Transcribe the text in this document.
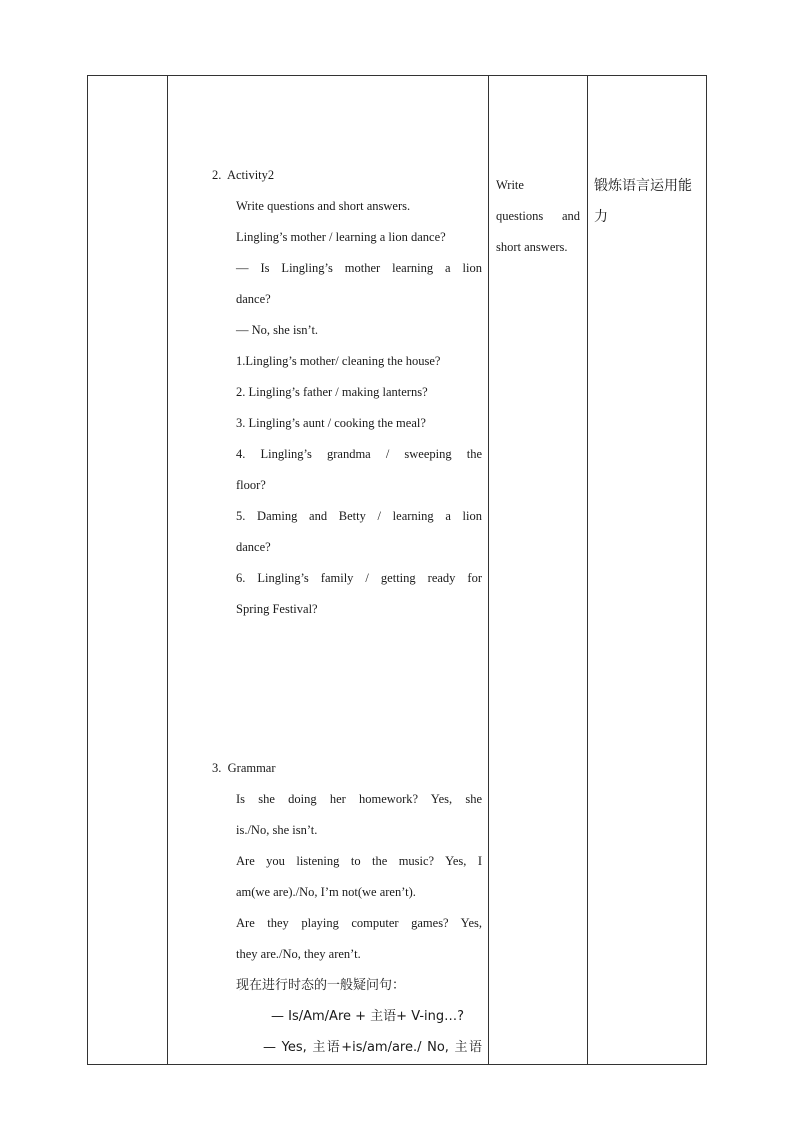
2. Activity2
Write questions and short answers.
Lingling’s mother / learning a lion dance?
— Is Lingling’s mother learning a lion
dance?
— No, she isn’t.
1.Lingling’s mother/ cleaning the house?
2. Lingling’s father / making lanterns?
3. Lingling’s aunt / cooking the meal?
4. Lingling’s grandma / sweeping the
floor?
5. Daming and Betty / learning a lion
dance?
6. Lingling’s family / getting ready for
Spring Festival?
3. Grammar
Is she doing her homework? Yes, she
is./No, she isn’t.
Are you listening to the music? Yes, I
am(we are)./No, I’m not(we aren’t).
Are they playing computer games? Yes,
they are./No, they aren’t.
现在进行时态的一般疑问句：
— Is/Am/Are + 主语+ V-ing…?
— Yes, 主语+is/am/are./ No, 主语
Write
questions and
short answers.
锻炼语言运用能
力
